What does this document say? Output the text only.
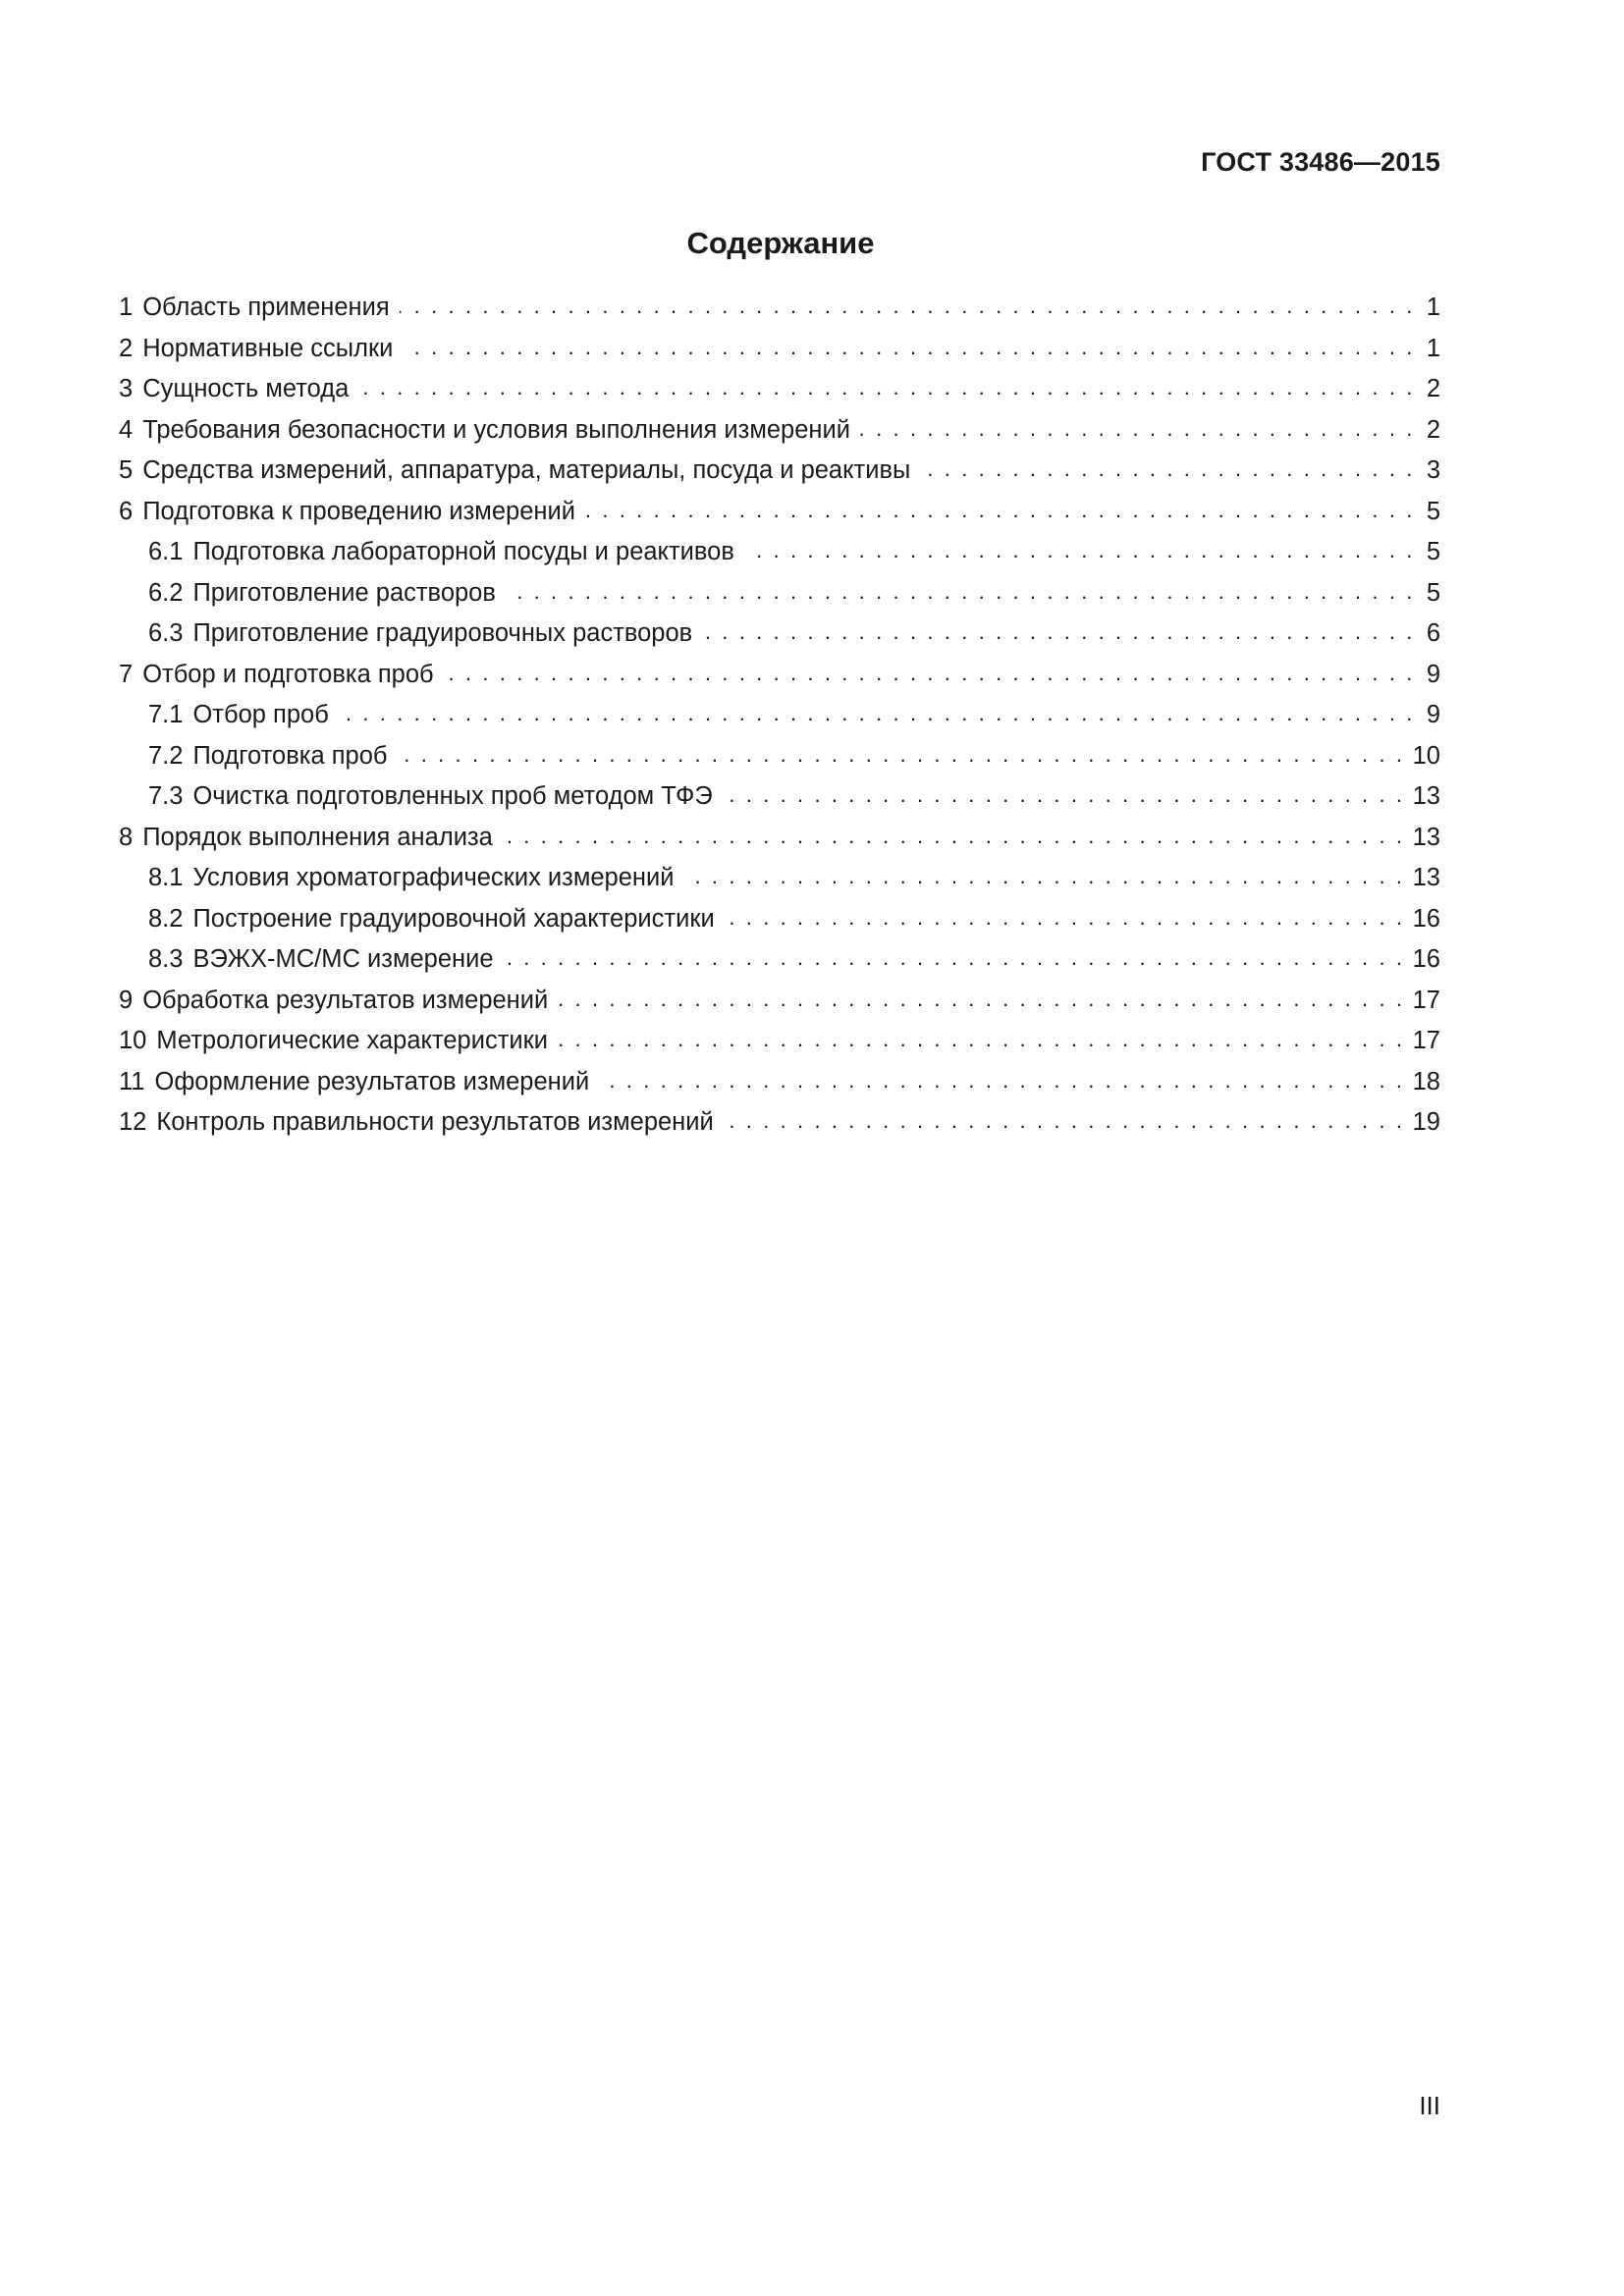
ГОСТ 33486—2015
Содержание
1 Область применения . . .	1
2 Нормативные ссылки . . .	1
3 Сущность метода . . .	2
4 Требования безопасности и условия выполнения измерений . . .	2
5 Средства измерений, аппаратура, материалы, посуда и реактивы . . .	3
6 Подготовка к проведению измерений . . .	5
6.1 Подготовка лабораторной посуды и реактивов . . .	5
6.2 Приготовление растворов . . .	5
6.3 Приготовление градуировочных растворов . . .	6
7 Отбор и подготовка проб . . .	9
7.1 Отбор проб . . .	9
7.2 Подготовка проб . . .	10
7.3 Очистка подготовленных проб методом ТФЭ . . .	13
8 Порядок выполнения анализа . . .	13
8.1 Условия хроматографических измерений . . .	13
8.2 Построение градуировочной характеристики . . .	16
8.3 ВЭЖХ-МС/МС измерение . . .	16
9 Обработка результатов измерений . . .	17
10 Метрологические характеристики . . .	17
11 Оформление результатов измерений . . .	18
12 Контроль правильности результатов измерений . . .	19
III
